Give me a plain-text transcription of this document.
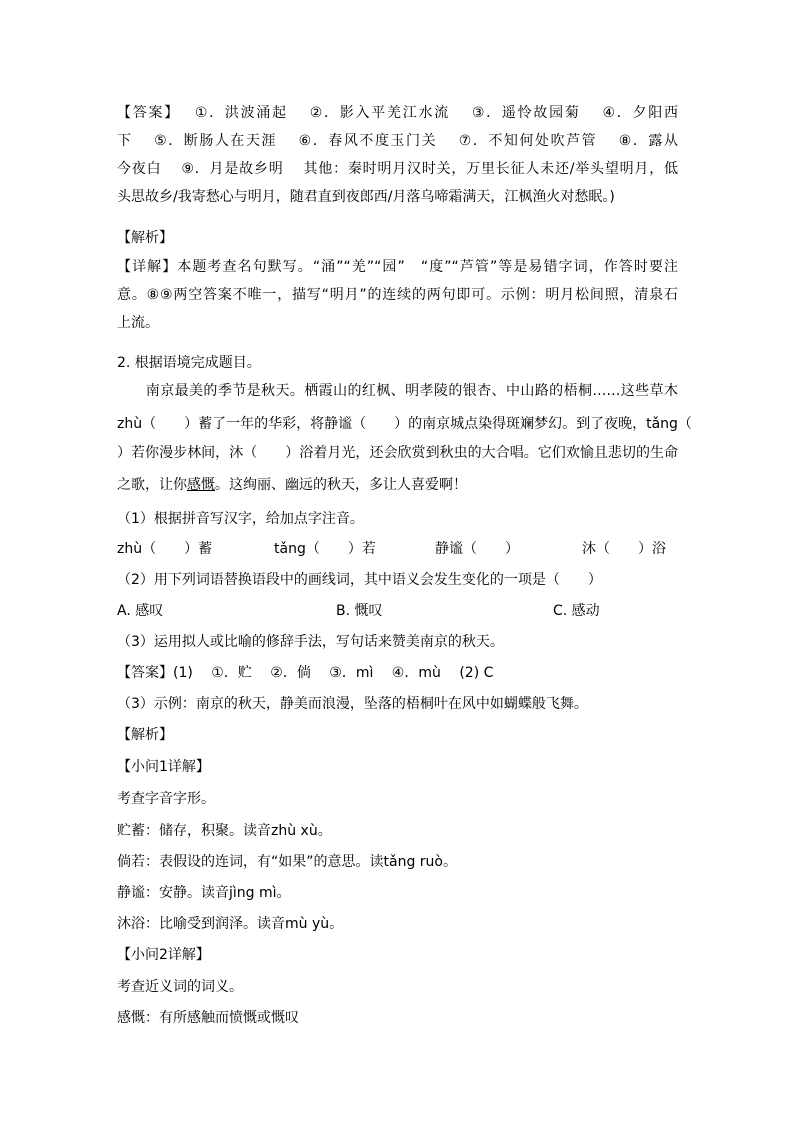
【答案】　 ①．洪波涌起　 ②．影入平羌江水流　 ③．遥怜故园菊　 ④．夕阳西
下　 ⑤．断肠人在天涯　 ⑥．春风不度玉门关　 ⑦．不知何处吹芦管　 ⑧．露从
今夜白　 ⑨．月是故乡明　 其他：秦时明月汉时关，万里长征人未还/举头望明月，低
头思故乡/我寄愁心与明月，随君直到夜郎西/月落乌啼霜满天，江枫渔火对愁眠。)
【解析】
【详解】本题考查名句默写。“涌”“羌”“园”　“度”“芦管”等是易错字词，作答时要注
意。⑧⑨两空答案不唯一，描写“明月”的连续的两句即可。示例：明月松间照，清泉石
上流。
2. 根据语境完成题目。
　　南京最美的季节是秋天。栖霞山的红枫、明孝陵的银杏、中山路的梧桐……这些草木
zhù（　　）蓄了一年的华彩，将静谧（　　）的南京城点染得斑斓梦幻。到了夜晚，tǎng（
）若你漫步林间，沐（　　）浴着月光，还会欣赏到秋虫的大合唱。它们欢愉且悲切的生命
之歌，让你感慨。这绚丽、幽远的秋天，多让人喜爱啊！
（1）根据拼音写汉字，给加点字注音。
zhù（　　）蓄	tǎng（　　）若	静谧（　　）	沐（　　）浴
（2）用下列词语替换语段中的画线词，其中语义会发生变化的一项是（　　）
A. 感叹	B. 慨叹	C. 感动
（3）运用拟人或比喻的修辞手法，写句话来赞美南京的秋天。
【答案】(1)　 ①．贮　 ②．倘　 ③．mì　 ④．mù　 (2) C
（3）示例：南京的秋天，静美而浪漫，坠落的梧桐叶在风中如蝴蝶般飞舞。
【解析】
【小问1详解】
考查字音字形。
贮蓄：储存，积聚。读音zhù xù。
倘若：表假设的连词，有“如果”的意思。读tǎng ruò。
静谧：安静。读音jìng mì。
沐浴：比喻受到润泽。读音mù yù。
【小问2详解】
考查近义词的词义。
感慨：有所感触而愤慨或慨叹
